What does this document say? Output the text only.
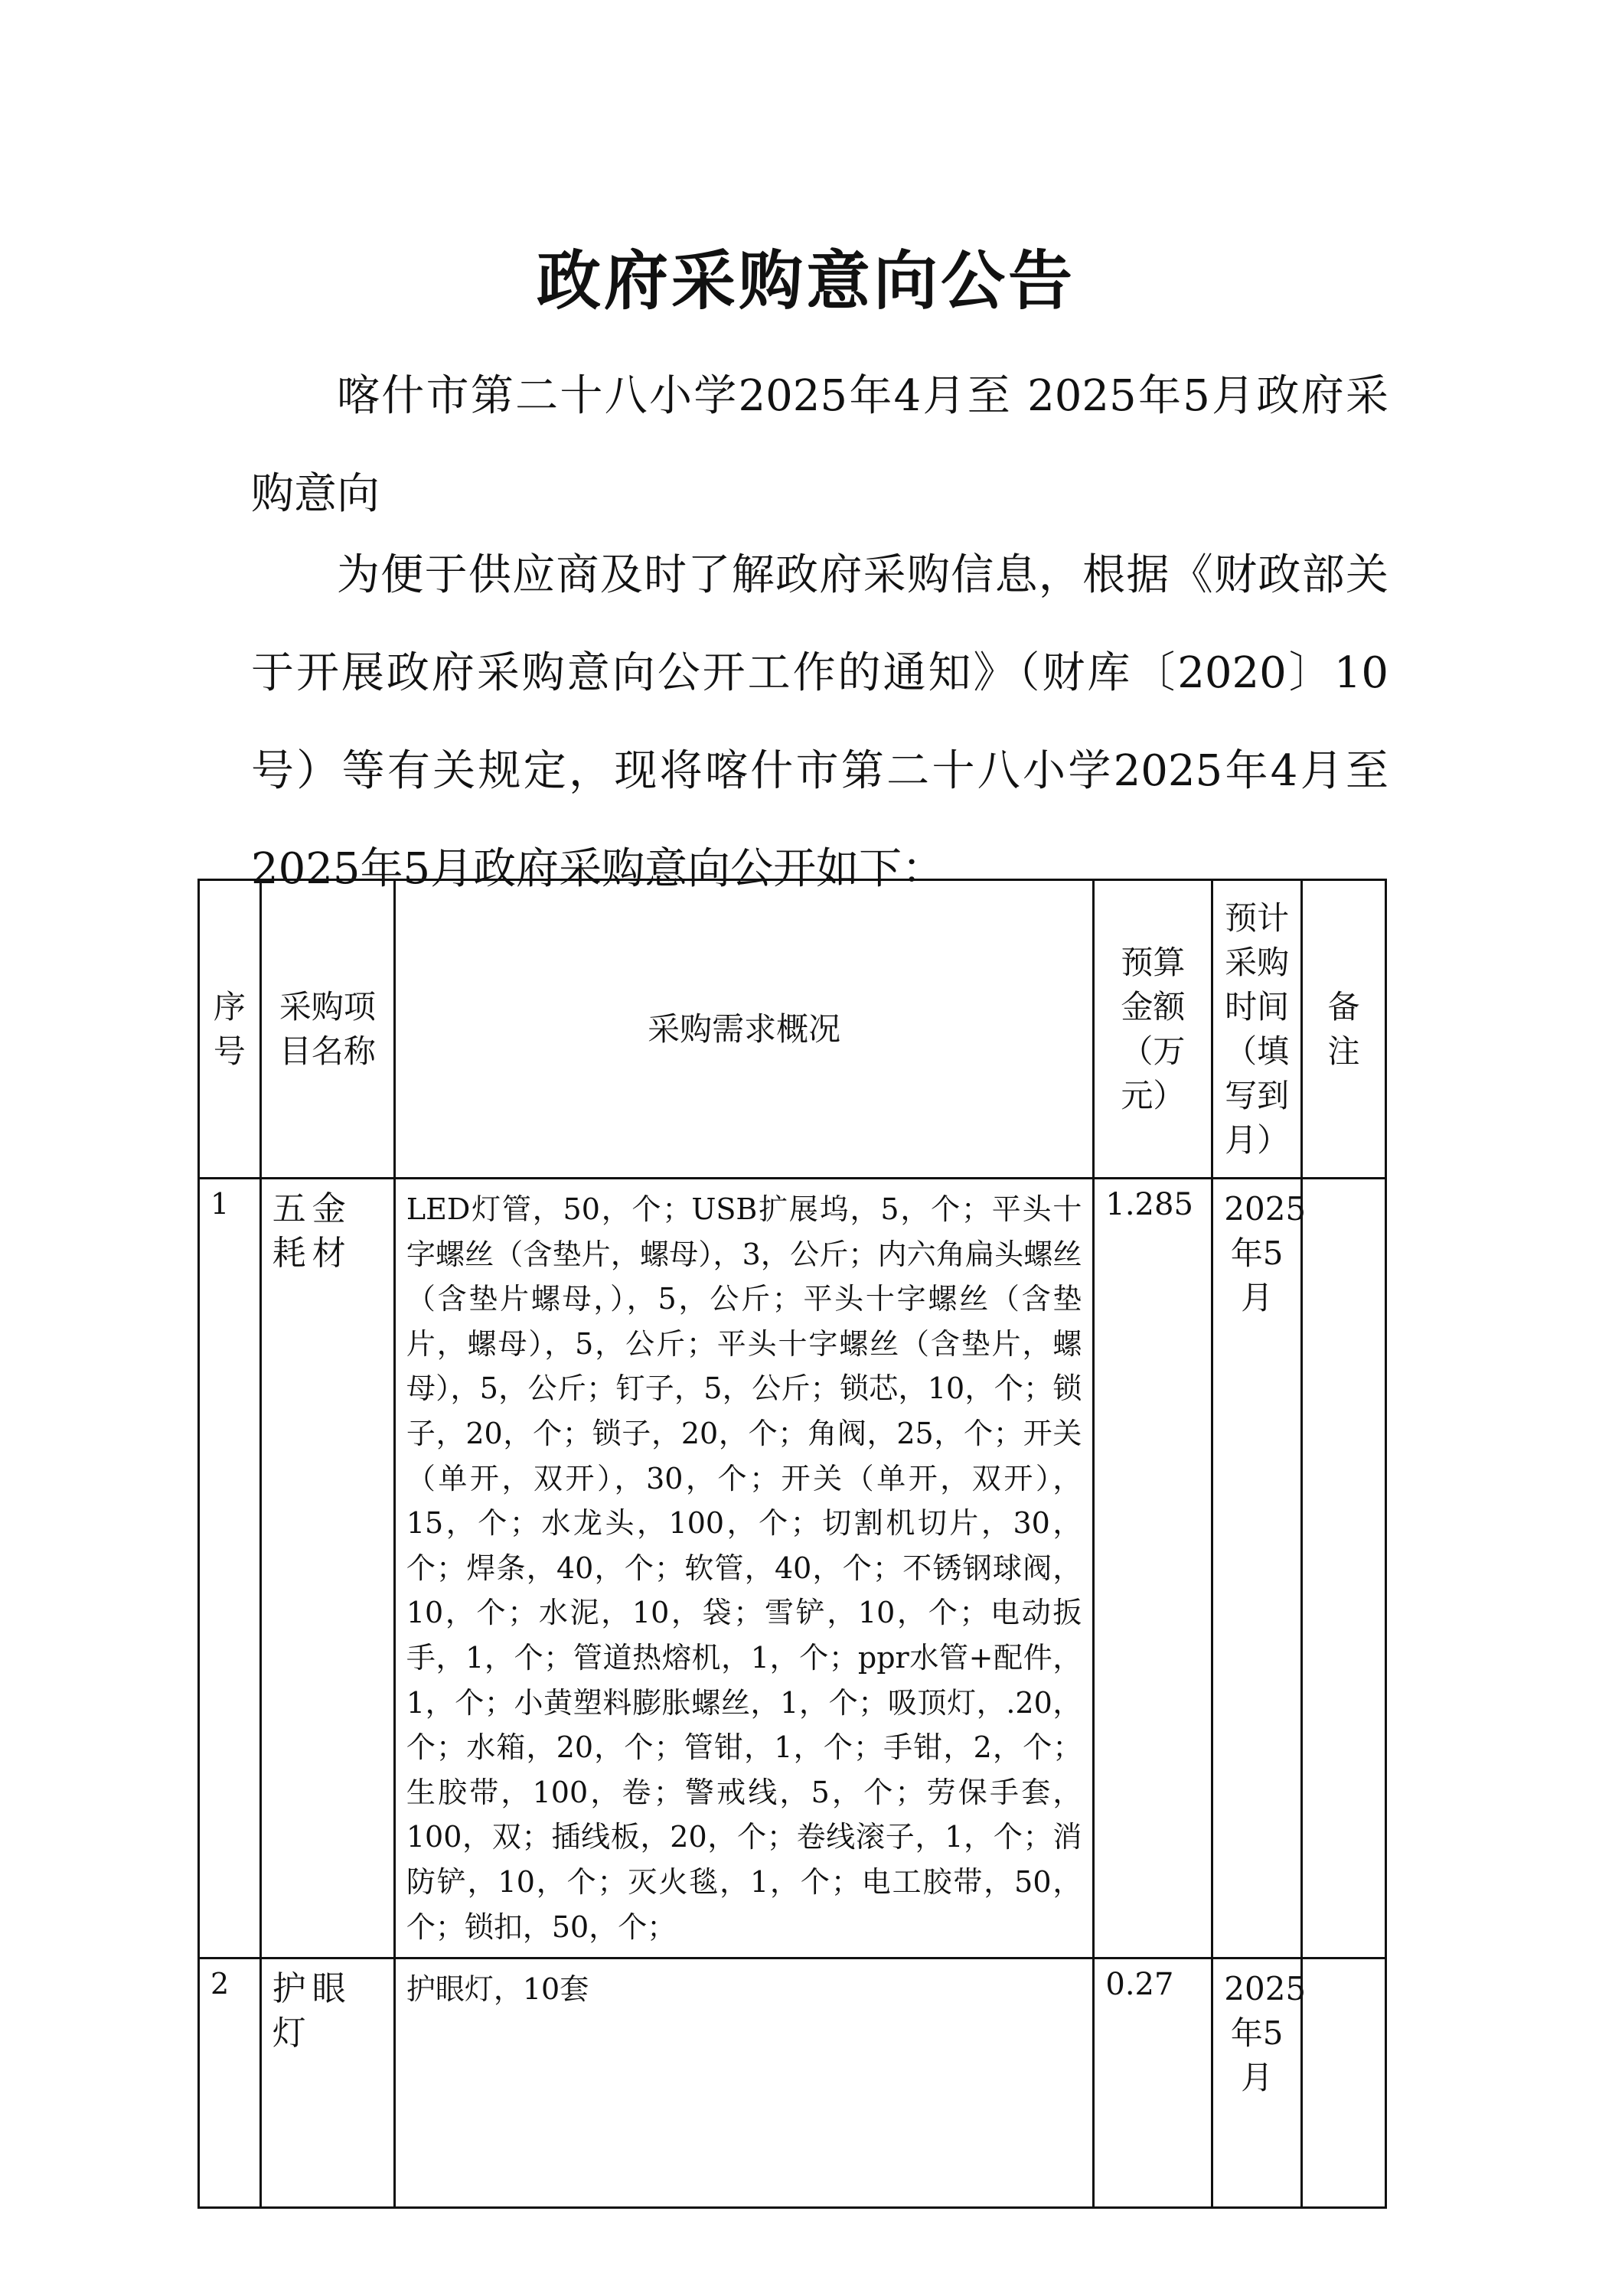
政府采购意向公告
喀什市第二十八小学2025年4月至 2025年5月政府采购意向
为便于供应商及时了解政府采购信息，根据《财政部关于开展政府采购意向公开工作的通知》（财库〔2020〕10号）等有关规定，现将喀什市第二十八小学2025年4月至 2025年5月政府采购意向公开如下：
序号	采购项目名称	采购需求概况	预算金额（万元）	预计采购时间（填写到月）	备注
1	五金耗材	LED灯管，50，个；USB扩展坞，5，个；平头十字螺丝（含垫片，螺母），3，公斤；内六角扁头螺丝（含垫片螺母，），5，公斤；平头十字螺丝（含垫片，螺母），5，公斤；平头十字螺丝（含垫片，螺母），5，公斤；钉子，5，公斤；锁芯，10，个；锁子，20，个；锁子，20，个；角阀，25，个；开关（单开，双开），30，个；开关（单开，双开），15，个；水龙头，100，个；切割机切片，30，个；焊条，40，个；软管，40，个；不锈钢球阀，10，个；水泥，10，袋；雪铲，10，个；电动扳手，1，个；管道热熔机，1，个；ppr水管+配件，1，个；小黄塑料膨胀螺丝，1，个；吸顶灯，.20，个；水箱，20，个；管钳，1，个；手钳，2，个；生胶带，100，卷；警戒线，5，个；劳保手套，100，双；插线板，20，个；卷线滚子，1，个；消防铲，10，个；灭火毯，1，个；电工胶带，50，个；锁扣，50，个；	1.285	2025年5月	
2	护眼灯	护眼灯，10套	0.27	2025年5月	
